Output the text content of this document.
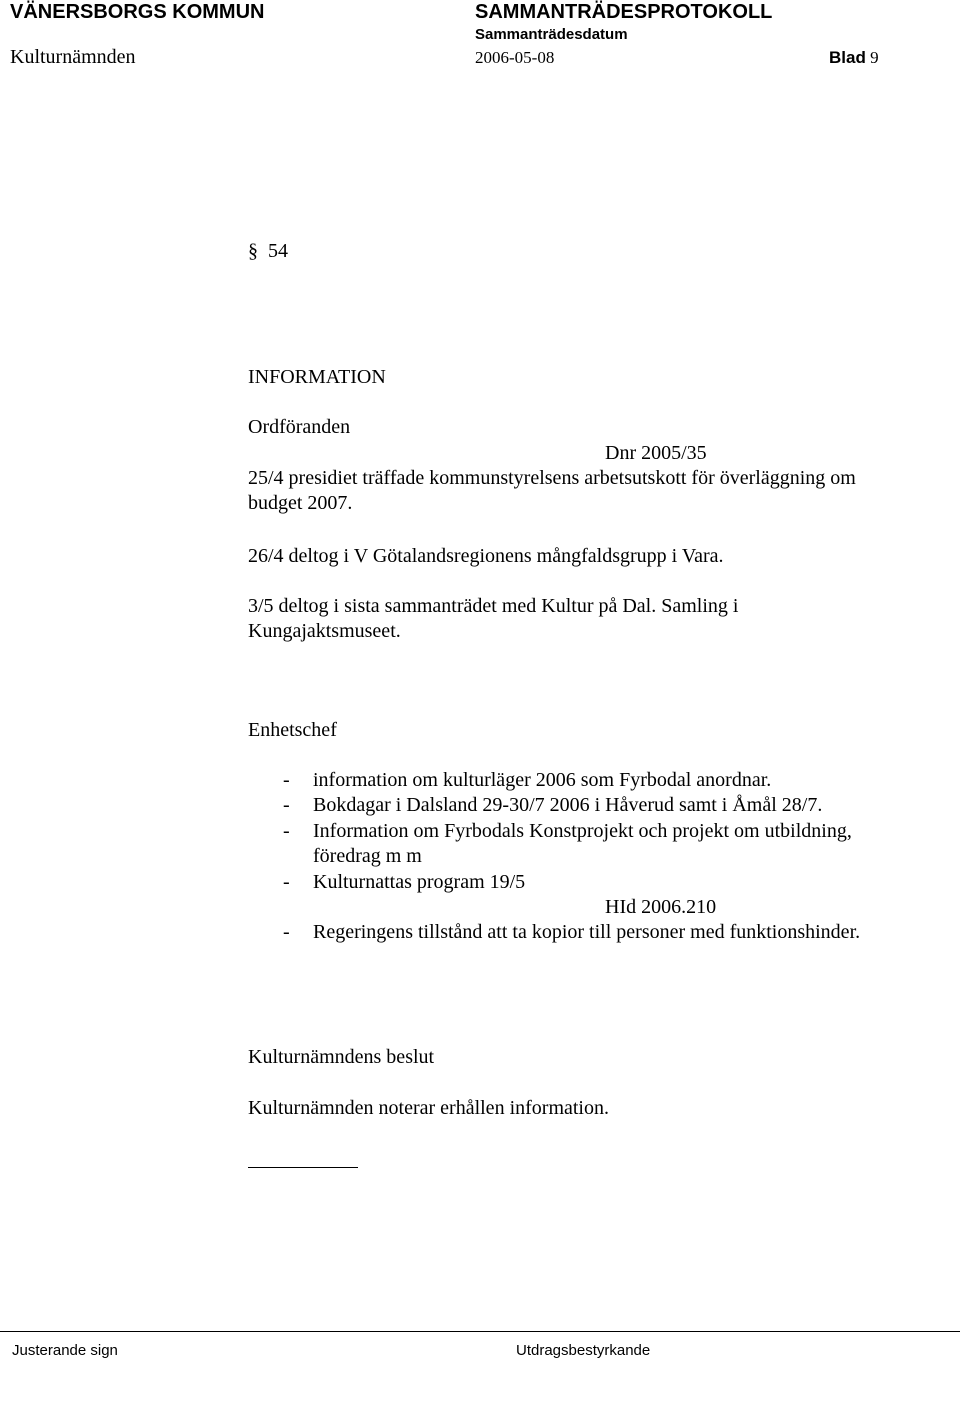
VÄNERSBORGS KOMMUN	SAMMANTRÄDESPROTOKOLL
Sammanträdesdatum
Kulturnämnden	2006-05-08	Blad 9
§ 54
INFORMATION
Ordföranden
Dnr 2005/35
25/4 presidiet träffade kommunstyrelsens arbetsutskott för överläggning om
budget 2007.
26/4 deltog i V Götalandsregionens mångfaldsgrupp i Vara.
3/5 deltog i sista sammanträdet med Kultur på Dal. Samling i
Kungajaktsmuseet.
Enhetschef
-	information om kulturläger 2006 som Fyrbodal anordnar.
-	Bokdagar i Dalsland 29-30/7 2006 i Håverud samt i Åmål 28/7.
-	Information om Fyrbodals Konstprojekt och projekt om utbildning,
föredrag m m
-	Kulturnattas program 19/5
HId 2006.210
-	Regeringens tillstånd att ta kopior till personer med funktionshinder.
Kulturnämndens beslut
Kulturnämnden noterar erhållen information.
Justerande sign	Utdragsbestyrkande
